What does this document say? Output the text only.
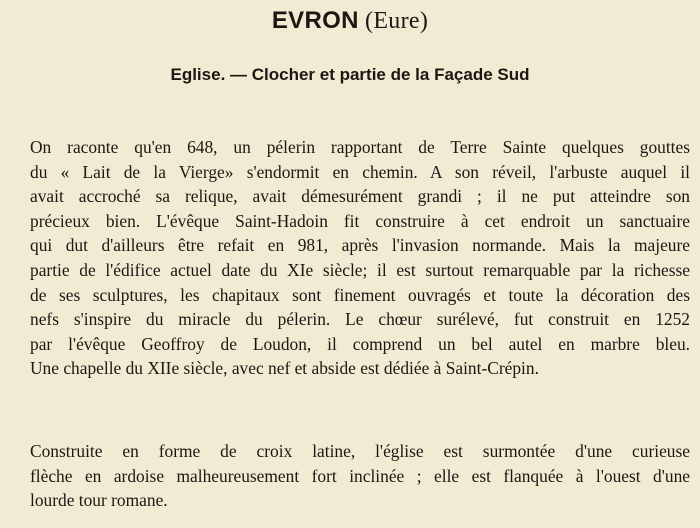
EVRON (Eure)
Eglise. — Clocher et partie de la Façade Sud
On raconte qu'en 648, un pélerin rapportant de Terre Sainte quelques gouttes
du « Lait de la Vierge» s'endormit en chemin. A son réveil, l'arbuste auquel il
avait accroché sa relique, avait démesurément grandi ; il ne put atteindre son
précieux bien. L'évêque Saint-Hadoin fit construire à cet endroit un sanctuaire
qui dut d'ailleurs être refait en 981, après l'invasion normande. Mais la majeure
partie de l'édifice actuel date du XIe siècle; il est surtout remarquable par la richesse
de ses sculptures, les chapitaux sont finement ouvragés et toute la décoration des
nefs s'inspire du miracle du pélerin. Le chœur surélevé, fut construit en 1252
par l'évêque Geoffroy de Loudon, il comprend un bel autel en marbre bleu.
Une chapelle du XIIe siècle, avec nef et abside est dédiée à Saint-Crépin.
Construite en forme de croix latine, l'église est surmontée d'une curieuse
flèche en ardoise malheureusement fort inclinée ; elle est flanquée à l'ouest d'une
lourde tour romane.
